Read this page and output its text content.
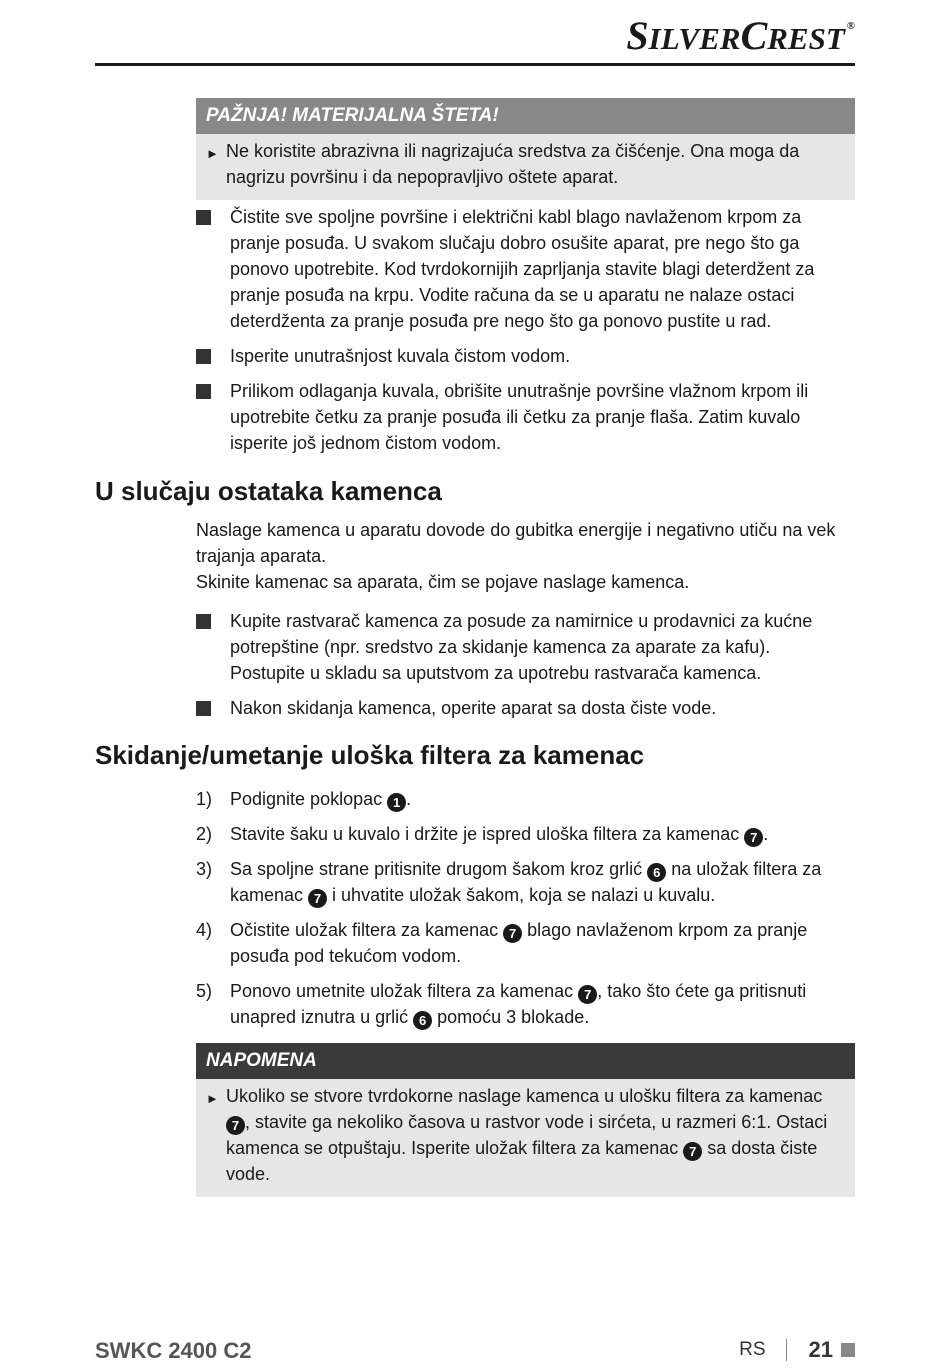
SILVERCREST ®
PAŽNJA! MATERIJALNA ŠTETA!
► Ne koristite abrazivna ili nagrizajuća sredstva za čišćenje. Ona moga da nagrizu površinu i da nepopravljivo oštete aparat.
Čistite sve spoljne površine i električni kabl blago navlaženom krpom za pranje posuđa. U svakom slučaju dobro osušite aparat, pre nego što ga ponovo upotrebite. Kod tvrdokornijih zaprljanja stavite blagi deterdžent za pranje posuđa na krpu. Vodite računa da se u aparatu ne nalaze ostaci deterdženta za pranje posuđa pre nego što ga ponovo pustite u rad.
Isperite unutrašnjost kuvala čistom vodom.
Prilikom odlaganja kuvala, obrišite unutrašnje površine vlažnom krpom ili upotrebite četku za pranje posuđa ili četku za pranje flaša. Zatim kuvalo isperite još jednom čistom vodom.
U slučaju ostataka kamenca
Naslage kamenca u aparatu dovode do gubitka energije i negativno utiču na vek trajanja aparata.
Skinite kamenac sa aparata, čim se pojave naslage kamenca.
Kupite rastvarač kamenca za posude za namirnice u prodavnici za kućne potrepštine (npr. sredstvo za skidanje kamenca za aparate za kafu). Postupite u skladu sa uputstvom za upotrebu rastvarača kamenca.
Nakon skidanja kamenca, operite aparat sa dosta čiste vode.
Skidanje/umetanje uloška filtera za kamenac
1) Podignite poklopac 1 .
2) Stavite šaku u kuvalo i držite je ispred uloška filtera za kamenac 7 .
3) Sa spoljne strane pritisnite drugom šakom kroz grlić 6 na uložak filtera za kamenac 7 i uhvatite uložak šakom, koja se nalazi u kuvalu.
4) Očistite uložak filtera za kamenac 7 blago navlaženom krpom za pranje posuđa pod tekućom vodom.
5) Ponovo umetnite uložak filtera za kamenac 7 , tako što ćete ga pritisnuti unapred iznutra u grlić 6 pomoću 3 blokade.
NAPOMENA
► Ukoliko se stvore tvrdokorne naslage kamenca u ulošku filtera za kamenac 7 , stavite ga nekoliko časova u rastvor vode i sirćeta, u razmeri 6:1. Ostaci kamenca se otpuštaju. Isperite uložak filtera za kamenac 7 sa dosta čiste vode.
SWKC 2400 C2	RS 21
